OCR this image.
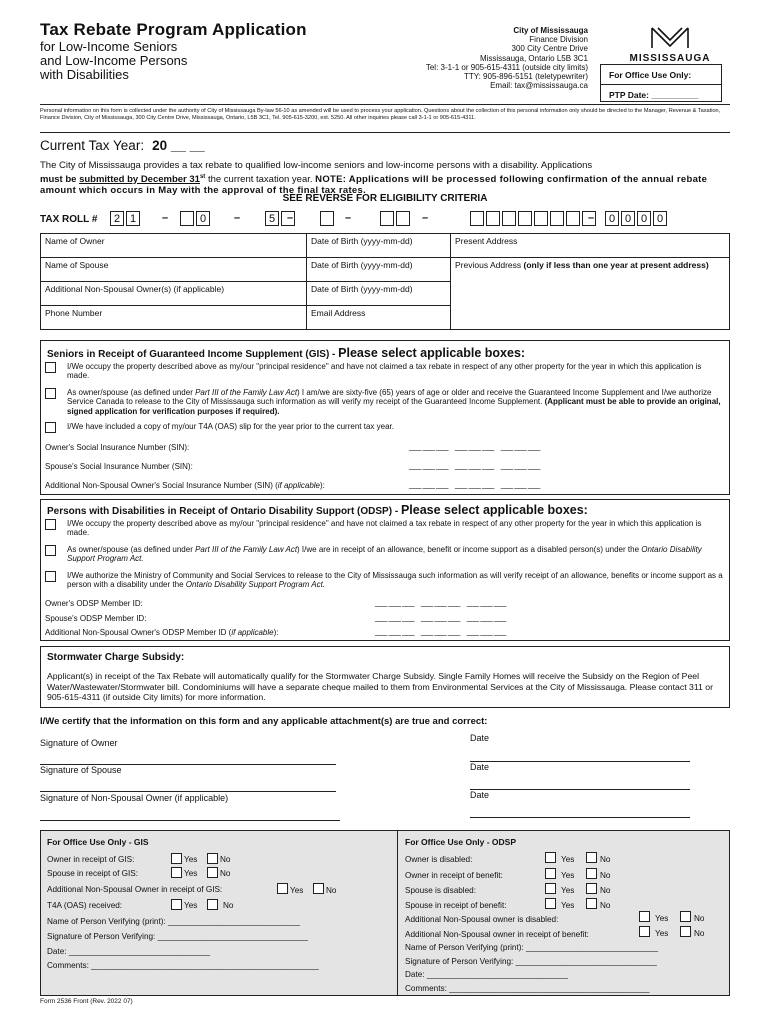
Tax Rebate Program Application
for Low-Income Seniors
and Low-Income Persons
with Disabilities
City of Mississauga
Finance Division
300 City Centre Drive
Mississauga, Ontario L5B 3C1
Tel: 3-1-1 or 905-615-4311 (outside city limits)
TTY: 905-896-5151 (teletypewriter)
Email: tax@mississauga.ca
MISSISSAUGA
For Office Use Only:
PTP Date: __________
Personal information on this form is collected under the authority of City of Mississauga By-law 56-10 as amended will be used to process your application. Questions about the collection of this personal information only should be directed to the Manager, Revenue & Taxation, Finance Division, City of Mississauga, 300 City Centre Drive, Mississauga, Ontario, L5B 3C1, Tel. 905-615-3200, ext. 5250. All other inquiries please call 3-1-1 or 905-615-4311.
Current Tax Year: 20 __ __
The City of Mississauga provides a tax rebate to qualified low-income seniors and low-income persons with a disability. Applications
must be submitted by December 31st the current taxation year. NOTE: Applications will be processed following confirmation of the annual rebate amount which occurs in May with the approval of the final tax rates.
SEE REVERSE FOR ELIGIBILITY CRITERIA
TAX ROLL #	2 1	0	5	0 0 0 0
–	–	–	–	–	–
Name of Owner	Date of Birth (yyyy-mm-dd)	Present Address
Name of Spouse	Date of Birth (yyyy-mm-dd)	Previous Address (only if less than one year at present address)
Additional Non-Spousal Owner(s) (if applicable)	Date of Birth (yyyy-mm-dd)	
Phone Number	Email Address	
Seniors in Receipt of Guaranteed Income Supplement (GIS) - Please select applicable boxes:
I/We occupy the property described above as my/our "principal residence" and have not claimed a tax rebate in respect of any other property for the year in which this application is made.
As owner/spouse (as defined under Part III of the Family Law Act) I am/we are sixty-five (65) years of age or older and receive the Guaranteed Income Supplement and I/we authorize Service Canada to release to the City of Mississauga such information as will verify my receipt of the Guaranteed Income Supplement. (Applicant must be able to provide an original, signed application for verification purposes if required).
I/We have included a copy of my/our T4A (OAS) slip for the year prior to the current tax year.
Owner's Social Insurance Number (SIN):
Spouse's Social Insurance Number (SIN):
Additional Non-Spousal Owner's Social Insurance Number (SIN) (if applicable):
___ ___ ___ ___ ___ ___ ___ ___ ___
___ ___ ___ ___ ___ ___ ___ ___ ___
___ ___ ___ ___ ___ ___ ___ ___ ___
Persons with Disabilities in Receipt of Ontario Disability Support (ODSP) - Please select applicable boxes:
I/We occupy the property described above as my/our "principal residence" and have not claimed a tax rebate in respect of any other property for the year in which this application is made.
As owner/spouse (as defined under Part III of the Family Law Act) I/we are in receipt of an allowance, benefit or income support as a disabled person(s) under the Ontario Disability Support Program Act.
I/We authorize the Ministry of Community and Social Services to release to the City of Mississauga such information as will verify receipt of an allowance, benefits or income support as a person with a disability under the Ontario Disability Support Program Act.
Owner's ODSP Member ID:
Spouse's ODSP Member ID:
Additional Non-Spousal Owner's ODSP Member ID (if applicable):
___ ___ ___ ___ ___ ___ ___ ___ ___
___ ___ ___ ___ ___ ___ ___ ___ ___
___ ___ ___ ___ ___ ___ ___ ___ ___
Stormwater Charge Subsidy:
Applicant(s) in receipt of the Tax Rebate will automatically qualify for the Stormwater Charge Subsidy. Single Family Homes will receive the Subsidy on the Region of Peel Water/Wastewater/Stormwater bill. Condominiums will have a separate cheque mailed to them from Environmental Services at the City of Mississauga. Please contact 311 or 905-615-4311 (if outside City limits) for more information.
I/We certify that the information on this form and any applicable attachment(s) are true and correct:
Signature of Owner	Date
Signature of Spouse	Date
Signature of Non-Spousal Owner (if applicable)	Date
For Office Use Only - GIS	For Office Use Only - ODSP
Owner in receipt of GIS:	Yes	No
Spouse in receipt of GIS:	Yes	No
Additional Non-Spousal Owner in receipt of GIS:	Yes	No
T4A (OAS) received:	Yes	No
Name of Person Verifying (print): _____________________________
Signature of Person Verifying: _________________________________
Date: _______________________________
Comments: __________________________________________________
Owner is disabled:	Yes	No
Owner in receipt of benefit:	Yes	No
Spouse is disabled:	Yes	No
Spouse in receipt of benefit:	Yes	No
Additional Non-Spousal owner is disabled:	Yes	No
Additional Non-Spousal owner in receipt of benefit:	Yes	No
Name of Person Verifying (print): _____________________________
Signature of Person Verifying: _______________________________
Date: _______________________________
Comments: ____________________________________________
Form 2536 Front (Rev. 2022 07)
